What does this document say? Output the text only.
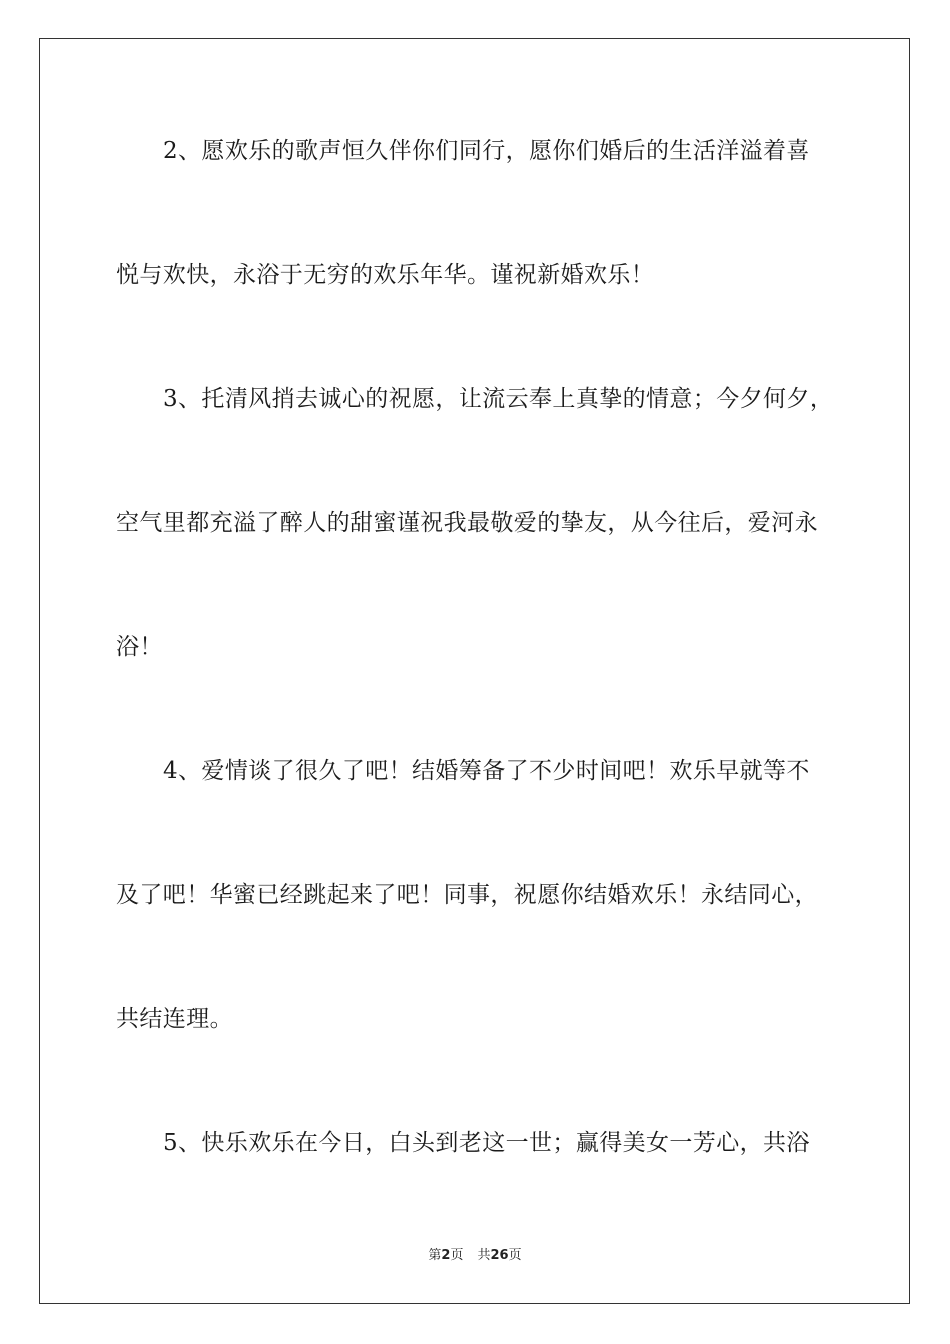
2、愿欢乐的歌声恒久伴你们同行，愿你们婚后的生活洋溢着喜
悦与欢快，永浴于无穷的欢乐年华。谨祝新婚欢乐！
3、托清风捎去诚心的祝愿，让流云奉上真挚的情意；今夕何夕，
空气里都充溢了醉人的甜蜜谨祝我最敬爱的挚友，从今往后，爱河永
浴！
4、爱情谈了很久了吧！结婚筹备了不少时间吧！欢乐早就等不
及了吧！华蜜已经跳起来了吧！同事，祝愿你结婚欢乐！永结同心，
共结连理。
5、快乐欢乐在今日，白头到老这一世；赢得美女一芳心，共浴
第2页 共26页
